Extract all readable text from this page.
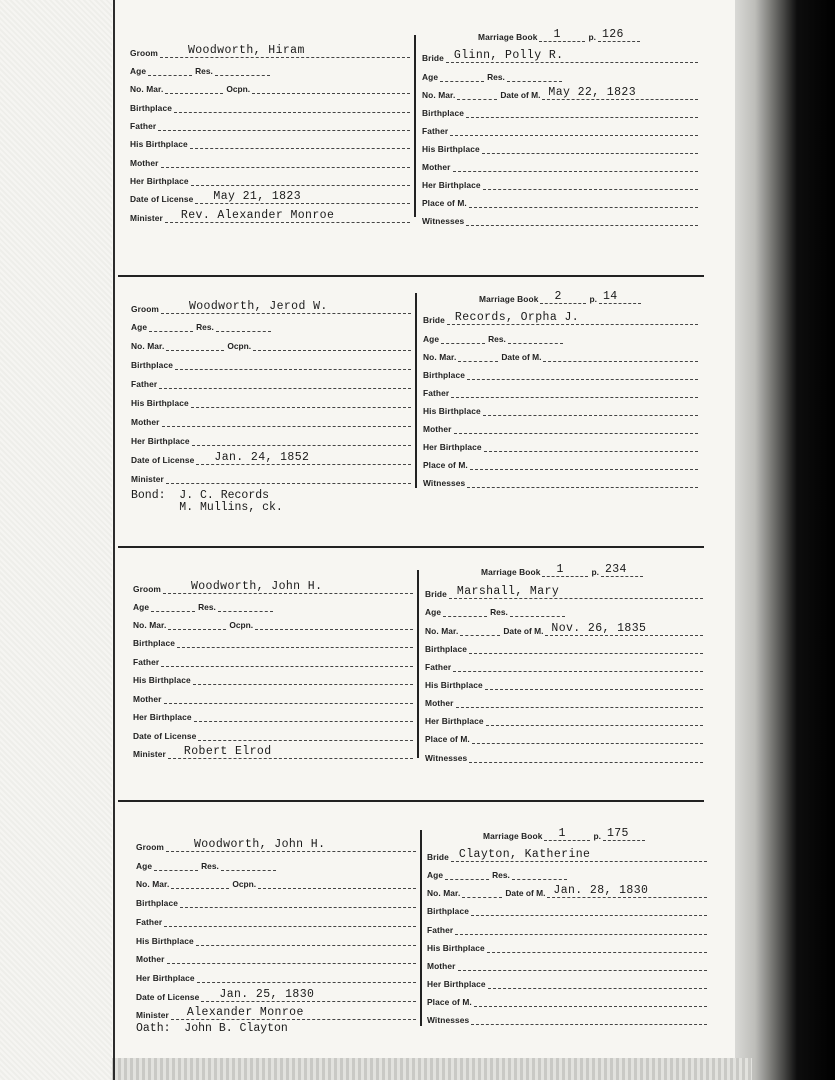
Groom	Woodworth, Hiram
Age	Res.
No. Mar.	Ocpn.
Birthplace
Father
His Birthplace
Mother
Her Birthplace
Date of License May 21, 1823
Minister Rev. Alexander Monroe
Marriage Book 1	p. 126
Bride Glinn, Polly R.
Age	Res.
No. Mar.	Date of M. May 22, 1823
Birthplace
Father
His Birthplace
Mother
Her Birthplace
Place of M.
Witnesses
Groom	Woodworth, Jerod W.
Age	Res.
No. Mar.	Ocpn.
Birthplace
Father
His Birthplace
Mother
Her Birthplace
Date of License Jan. 24, 1852
Minister
Marriage Book 2	p. 14
Bride Records, Orpha J.
Age	Res.
No. Mar.	Date of M.
Birthplace
Father
His Birthplace
Mother
Her Birthplace
Place of M.
Witnesses
Bond:  J. C. Records
M. Mullins, ck.
Groom	Woodworth, John H.
Age	Res.
No. Mar.	Ocpn.
Birthplace
Father
His Birthplace
Mother
Her Birthplace
Date of License
Minister Robert Elrod
Marriage Book 1	p. 234
Bride Marshall, Mary
Age	Res.
No. Mar.	Date of M. Nov. 26, 1835
Birthplace
Father
His Birthplace
Mother
Her Birthplace
Place of M.
Witnesses
Groom	Woodworth, John H.
Age	Res.
No. Mar.	Ocpn.
Birthplace
Father
His Birthplace
Mother
Her Birthplace
Date of License Jan. 25, 1830
Minister Alexander Monroe
Marriage Book 1	p. 175
Bride Clayton, Katherine
Age	Res.
No. Mar.	Date of M. Jan. 28, 1830
Birthplace
Father
His Birthplace
Mother
Her Birthplace
Place of M.
Witnesses
Oath:  John B. Clayton
